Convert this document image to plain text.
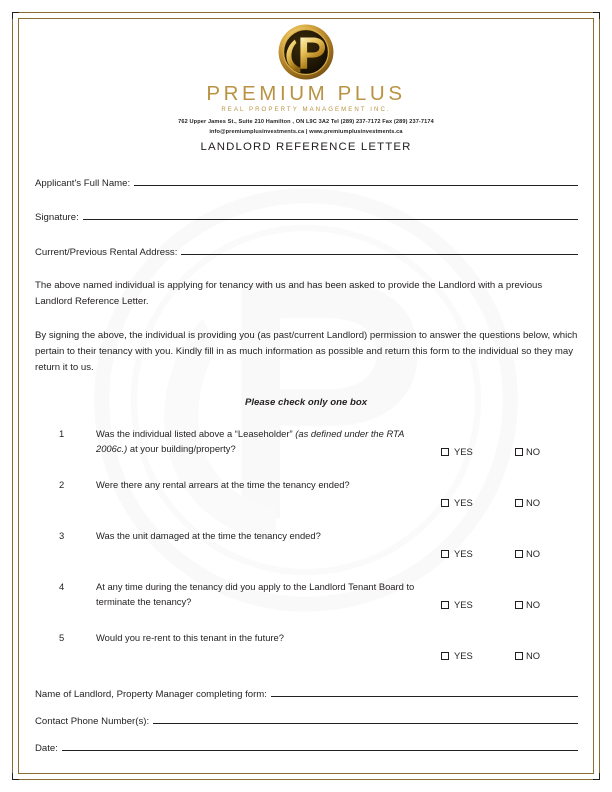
PREMIUM PLUS
REAL PROPERTY MANAGEMENT INC.
762 Upper James St., Suite 210 Hamilton , ON L9C 3A2 Tel (289) 237-7172 Fax (289) 237-7174
info@premiumplusinvestments.ca | www.premiumplusinvestments.ca
LANDLORD REFERENCE LETTER
Applicant's Full Name:
Signature:
Current/Previous Rental Address:
The above named individual is applying for tenancy with us and has been asked to provide the Landlord with a previous Landlord Reference Letter.
By signing the above, the individual is providing you (as past/current Landlord) permission to answer the questions below, which pertain to their tenancy with you. Kindly fill in as much information as possible and return this form to the individual so they may return it to us.
Please check only one box
1	Was the individual listed above a “Leaseholder” (as defined under the RTA 2006c.) at your building/property?	YES	NO
2	Were there any rental arrears at the time the tenancy ended?
YES	NO
3	Was the unit damaged at the time the tenancy ended?
YES	NO
4	At any time during the tenancy did you apply to the Landlord Tenant Board to terminate the tenancy?	YES	NO
5	Would you re-rent to this tenant in the future?
YES	NO
Name of Landlord, Property Manager completing form:
Contact Phone Number(s):
Date:
